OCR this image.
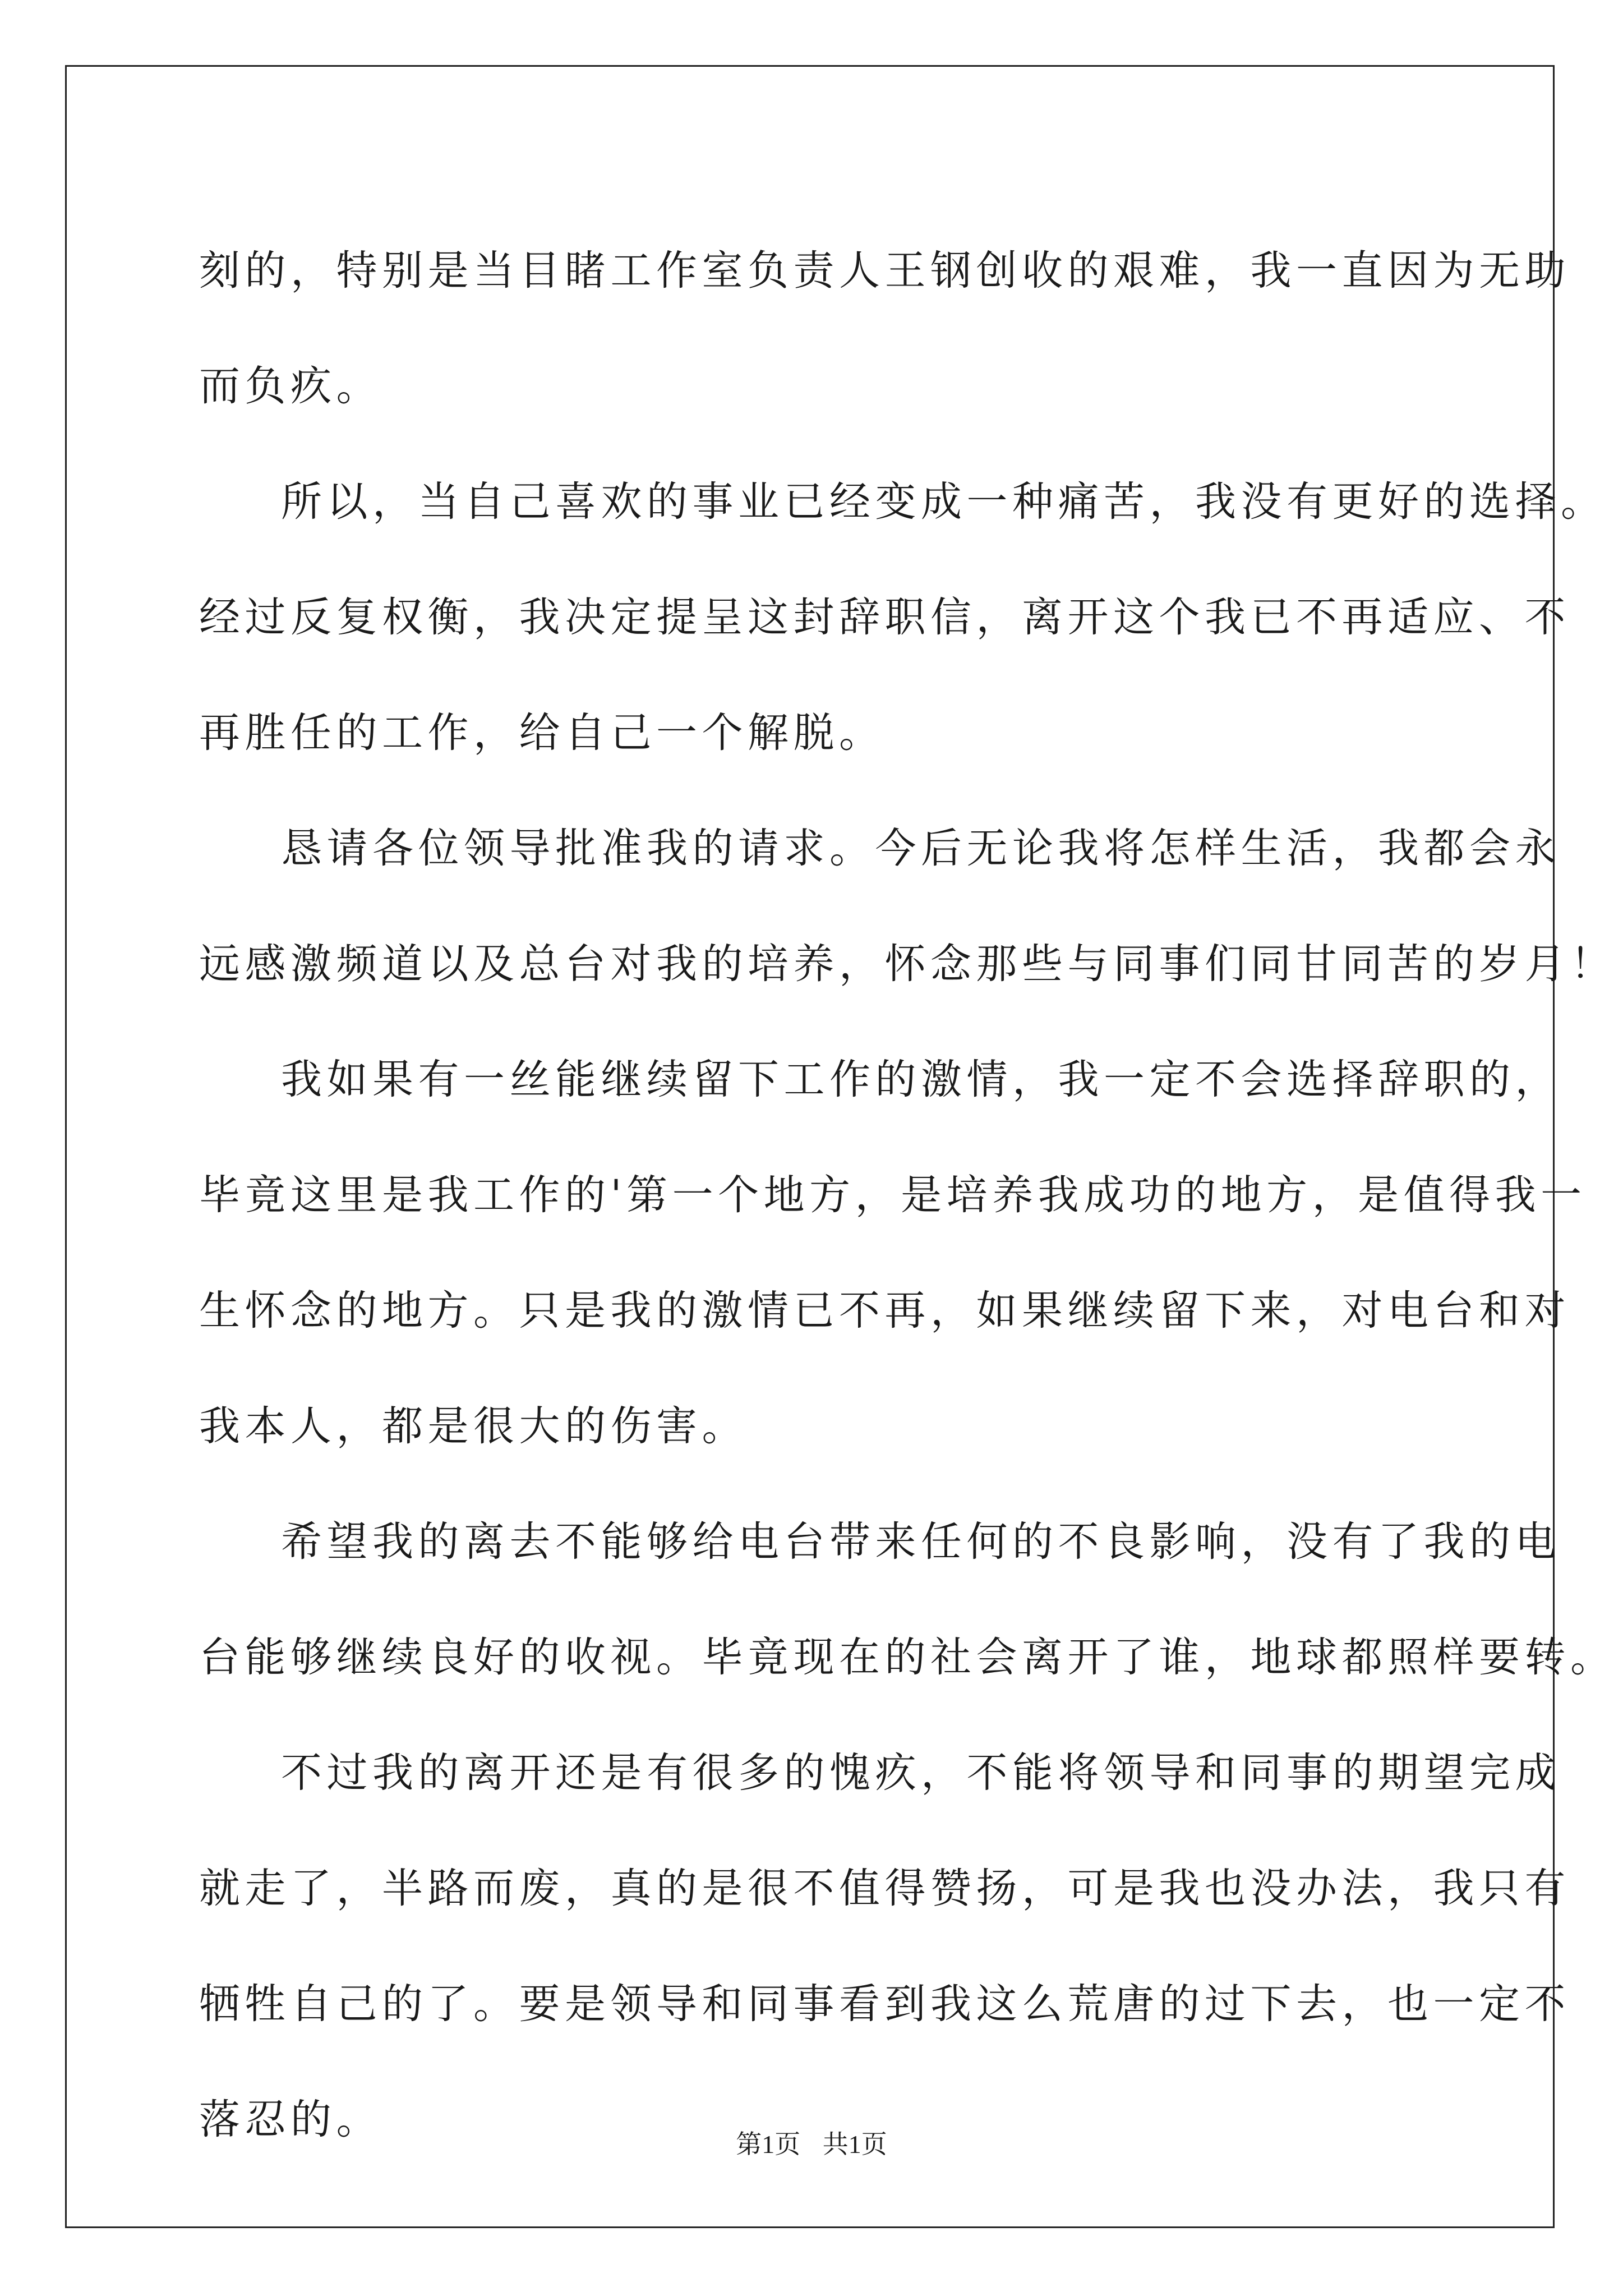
刻的，特别是当目睹工作室负责人王钢创收的艰难，我一直因为无助
而负疚。
所以，当自己喜欢的事业已经变成一种痛苦，我没有更好的选择。
经过反复权衡，我决定提呈这封辞职信，离开这个我已不再适应、不
再胜任的工作，给自己一个解脱。
恳请各位领导批准我的请求。今后无论我将怎样生活，我都会永
远感激频道以及总台对我的培养，怀念那些与同事们同甘同苦的岁月！
我如果有一丝能继续留下工作的激情，我一定不会选择辞职的，
毕竟这里是我工作的'第一个地方，是培养我成功的地方，是值得我一
生怀念的地方。只是我的激情已不再，如果继续留下来，对电台和对
我本人，都是很大的伤害。
希望我的离去不能够给电台带来任何的不良影响，没有了我的电
台能够继续良好的收视。毕竟现在的社会离开了谁，地球都照样要转。
不过我的离开还是有很多的愧疚，不能将领导和同事的期望完成
就走了，半路而废，真的是很不值得赞扬，可是我也没办法，我只有
牺牲自己的了。要是领导和同事看到我这么荒唐的过下去，也一定不
落忍的。
第1页 共1页
